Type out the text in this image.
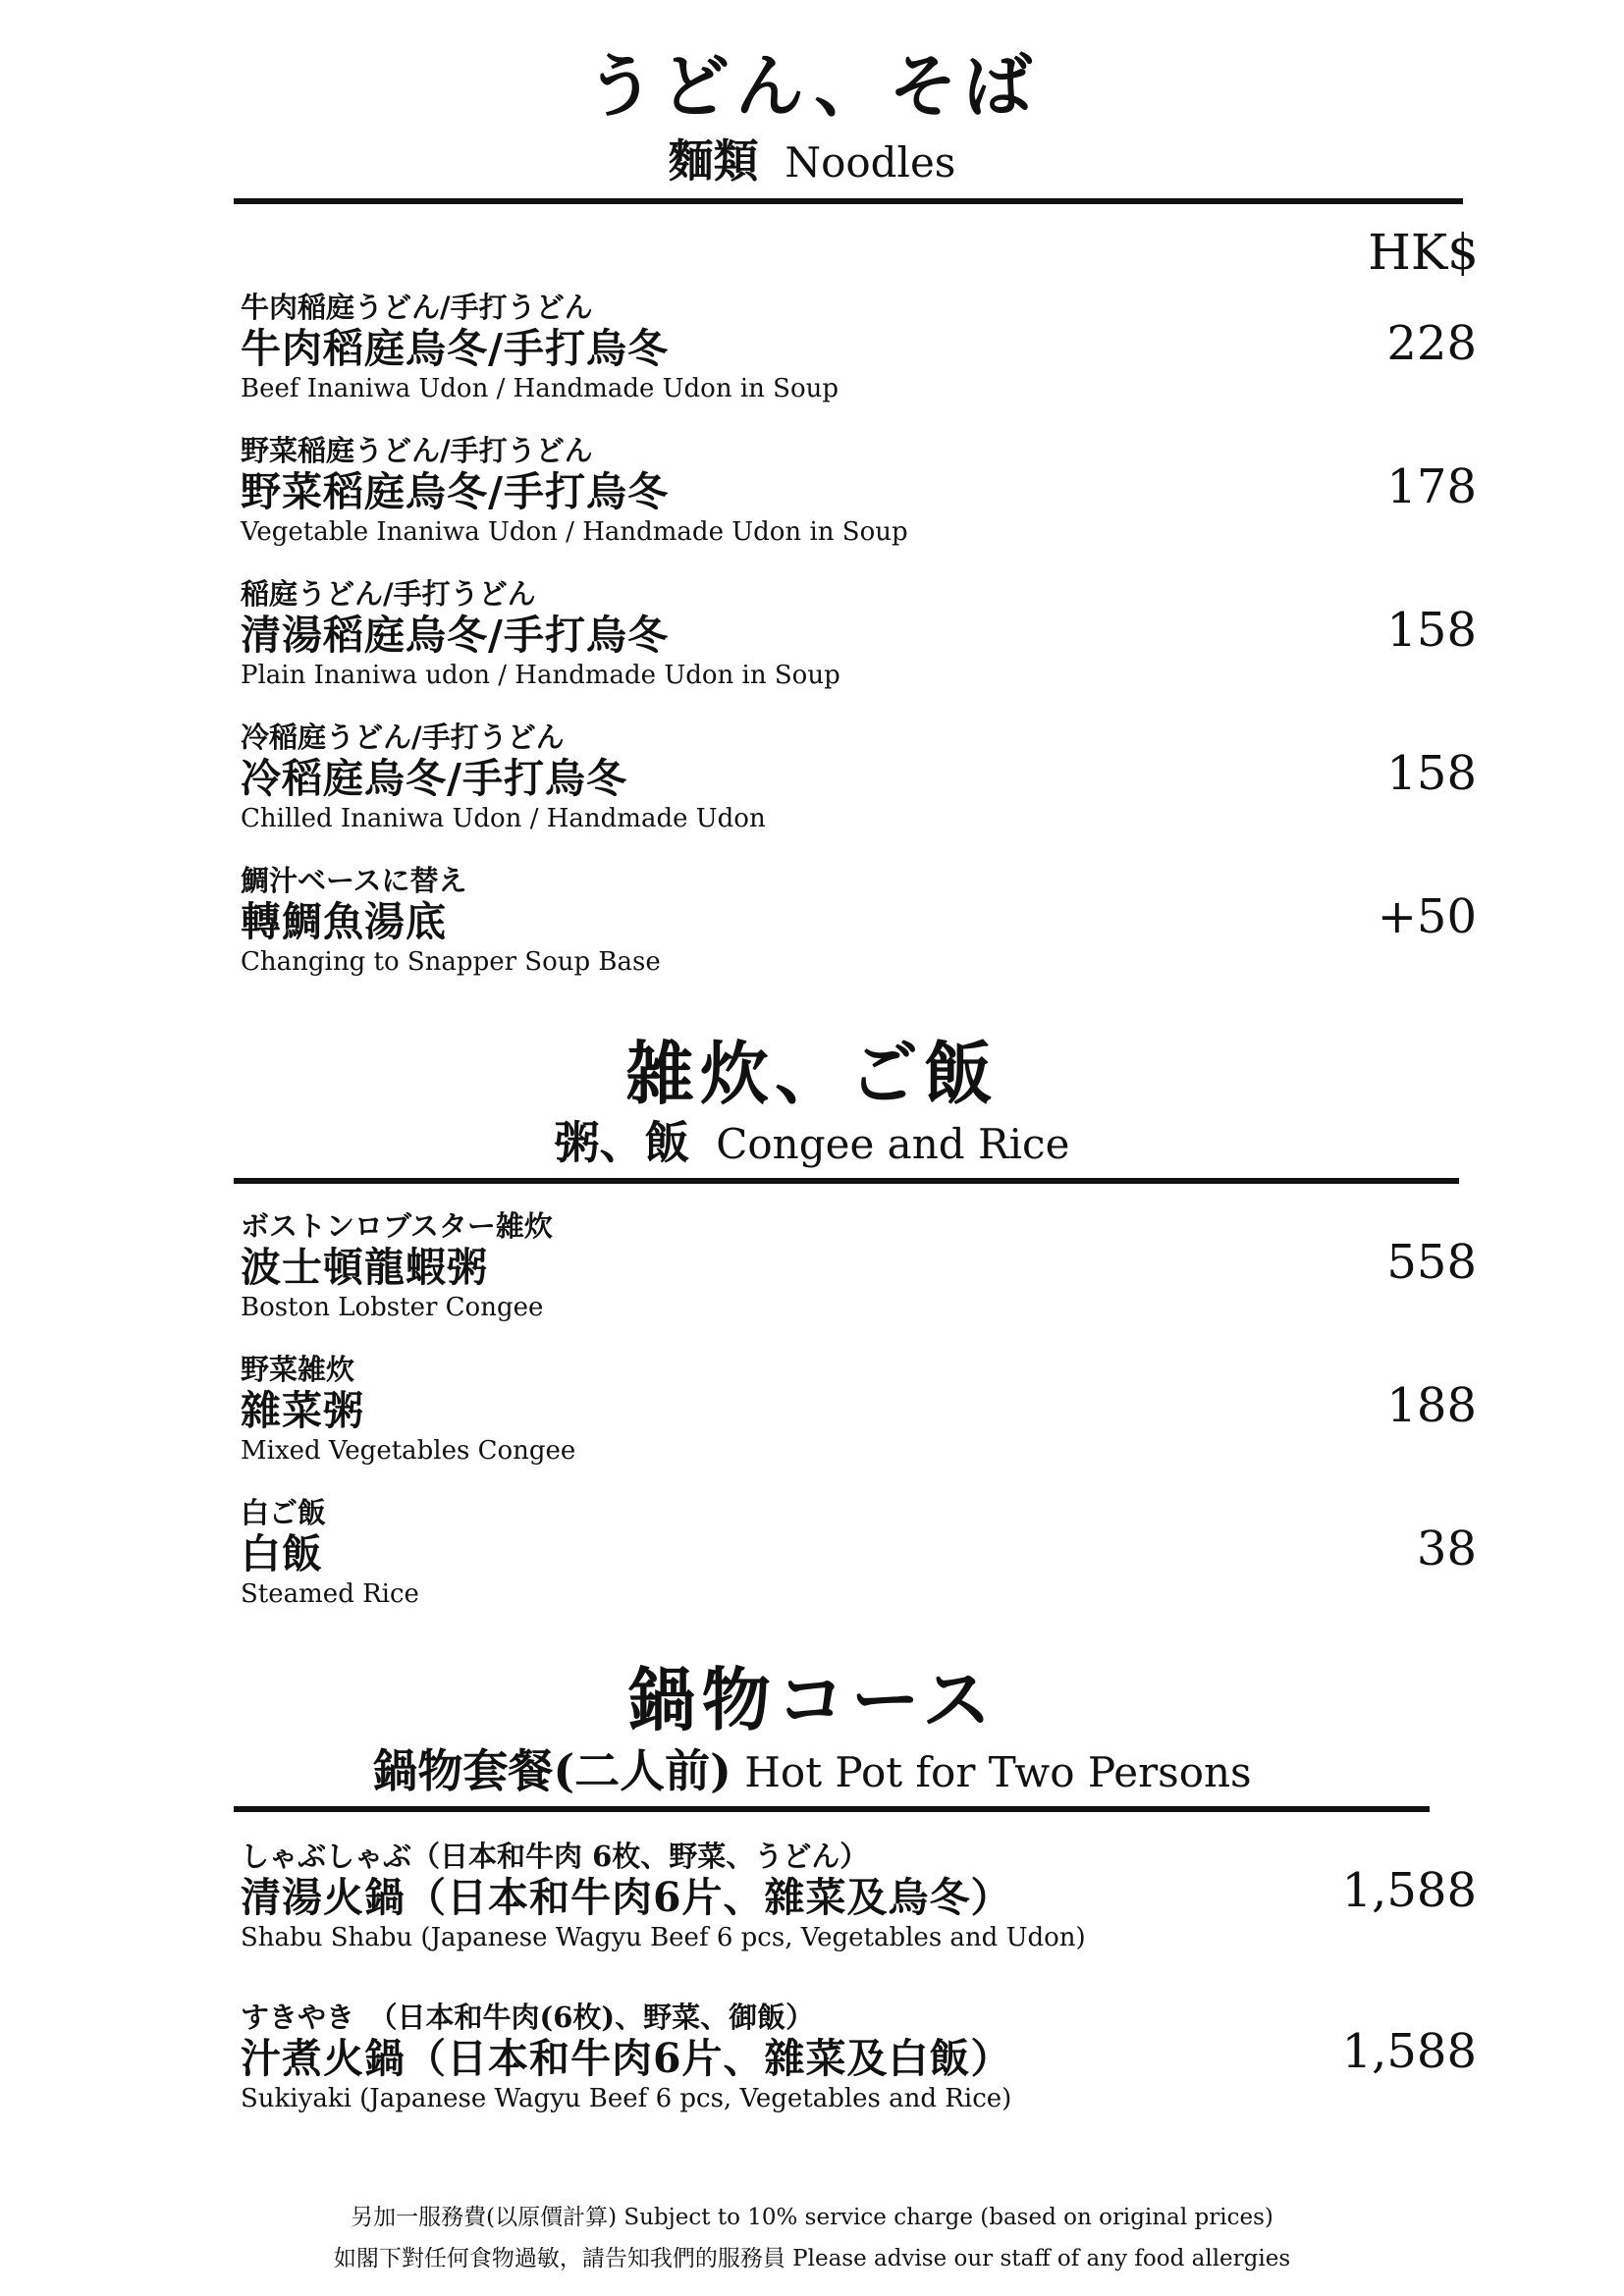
うどん、そば
麵類 Noodles
HK$
牛肉稲庭うどん/手打うどん
牛肉稻庭烏冬/手打烏冬
Beef Inaniwa Udon / Handmade Udon in Soup
228
野菜稲庭うどん/手打うどん
野菜稻庭烏冬/手打烏冬
Vegetable Inaniwa Udon / Handmade Udon in Soup
178
稲庭うどん/手打うどん
清湯稻庭烏冬/手打烏冬
Plain Inaniwa udon / Handmade Udon in Soup
158
冷稲庭うどん/手打うどん
冷稻庭烏冬/手打烏冬
Chilled Inaniwa Udon / Handmade Udon
158
鯛汁ベースに替え
轉鯛魚湯底
Changing to Snapper Soup Base
+50
雑炊、ご飯
粥、飯 Congee and Rice
ボストンロブスター雑炊
波士頓龍蝦粥
Boston Lobster Congee
558
野菜雑炊
雜菜粥
Mixed Vegetables Congee
188
白ご飯
白飯
Steamed Rice
38
鍋物コース
鍋物套餐(二人前) Hot Pot for Two Persons
しゃぶしゃぶ（日本和牛肉 6枚、野菜、うどん）
清湯火鍋（日本和牛肉6片、雜菜及烏冬）
Shabu Shabu (Japanese Wagyu Beef 6 pcs, Vegetables and Udon)
1,588
すきやき　（日本和牛肉(6枚)、野菜、御飯）
汁煮火鍋（日本和牛肉6片、雜菜及白飯）
Sukiyaki (Japanese Wagyu Beef 6 pcs, Vegetables and Rice)
1,588
另加一服務費(以原價計算) Subject to 10% service charge (based on original prices)
如閣下對任何食物過敏，請告知我們的服務員 Please advise our staff of any food allergies
